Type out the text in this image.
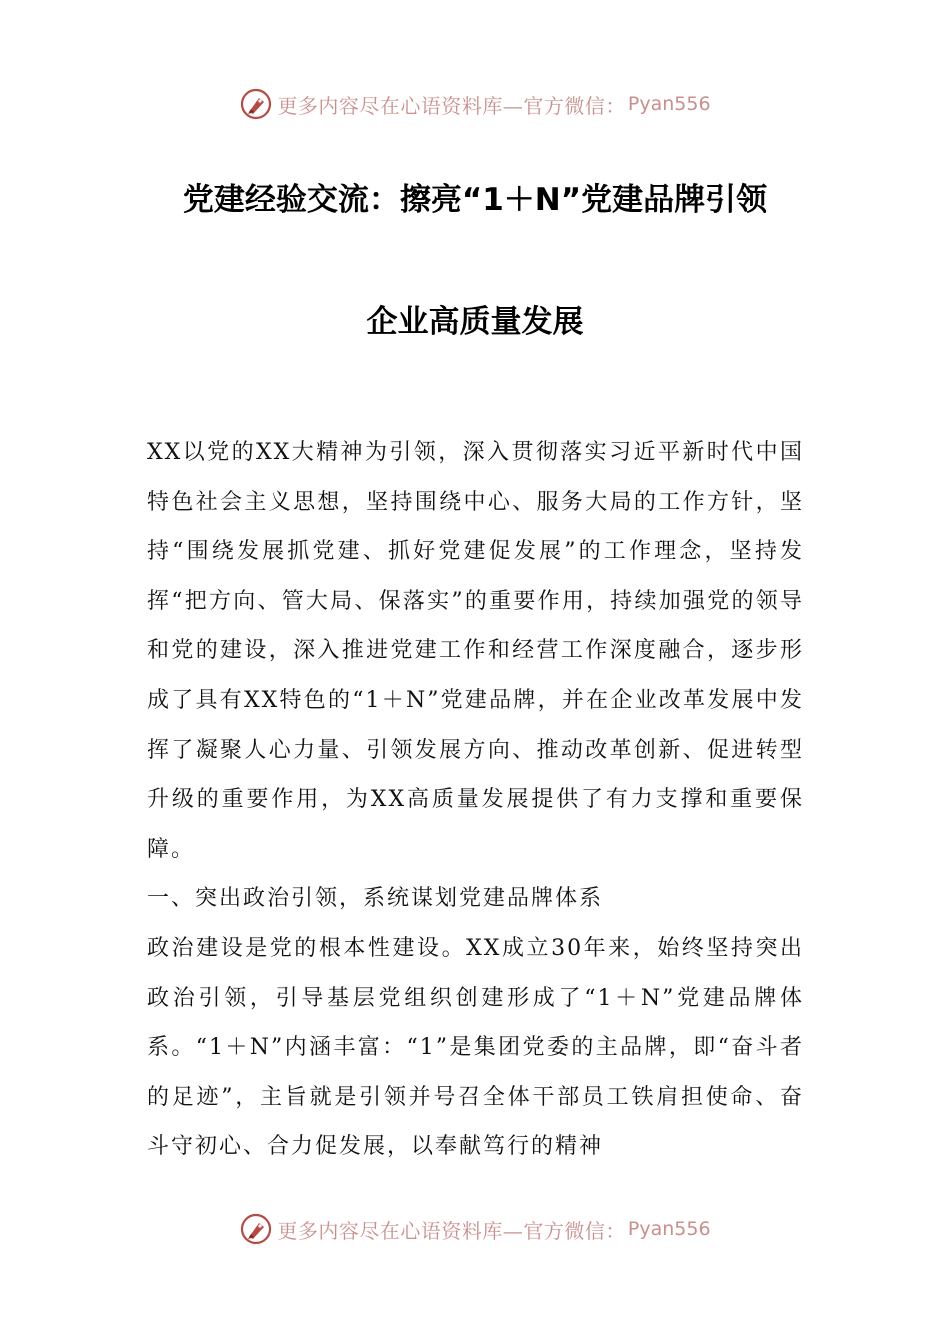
更多内容尽在心语资料库—官方微信： Pyan556
党建经验交流：擦亮“1＋N”党建品牌引领
企业高质量发展

XX以党的XX大精神为引领，深入贯彻落实习近平新时代中国特色社会主义思想，坚持围绕中心、服务大局的工作方针，坚持“围绕发展抓党建、抓好党建促发展”的工作理念，坚持发挥“把方向、管大局、保落实”的重要作用，持续加强党的领导和党的建设，深入推进党建工作和经营工作深度融合，逐步形成了具有XX特色的“1＋N”党建品牌，并在企业改革发展中发挥了凝聚人心力量、引领发展方向、推动改革创新、促进转型升级的重要作用，为XX高质量发展提供了有力支撑和重要保障。

一、突出政治引领，系统谋划党建品牌体系

政治建设是党的根本性建设。XX成立30年来，始终坚持突出政治引领，引导基层党组织创建形成了“1＋N”党建品牌体系。“1＋N”内涵丰富：“1”是集团党委的主品牌，即“奋斗者的足迹”，主旨就是引领并号召全体干部员工铁肩担使命、奋斗守初心、合力促发展，以奉献笃行的精神

更多内容尽在心语资料库—官方微信： Pyan556
